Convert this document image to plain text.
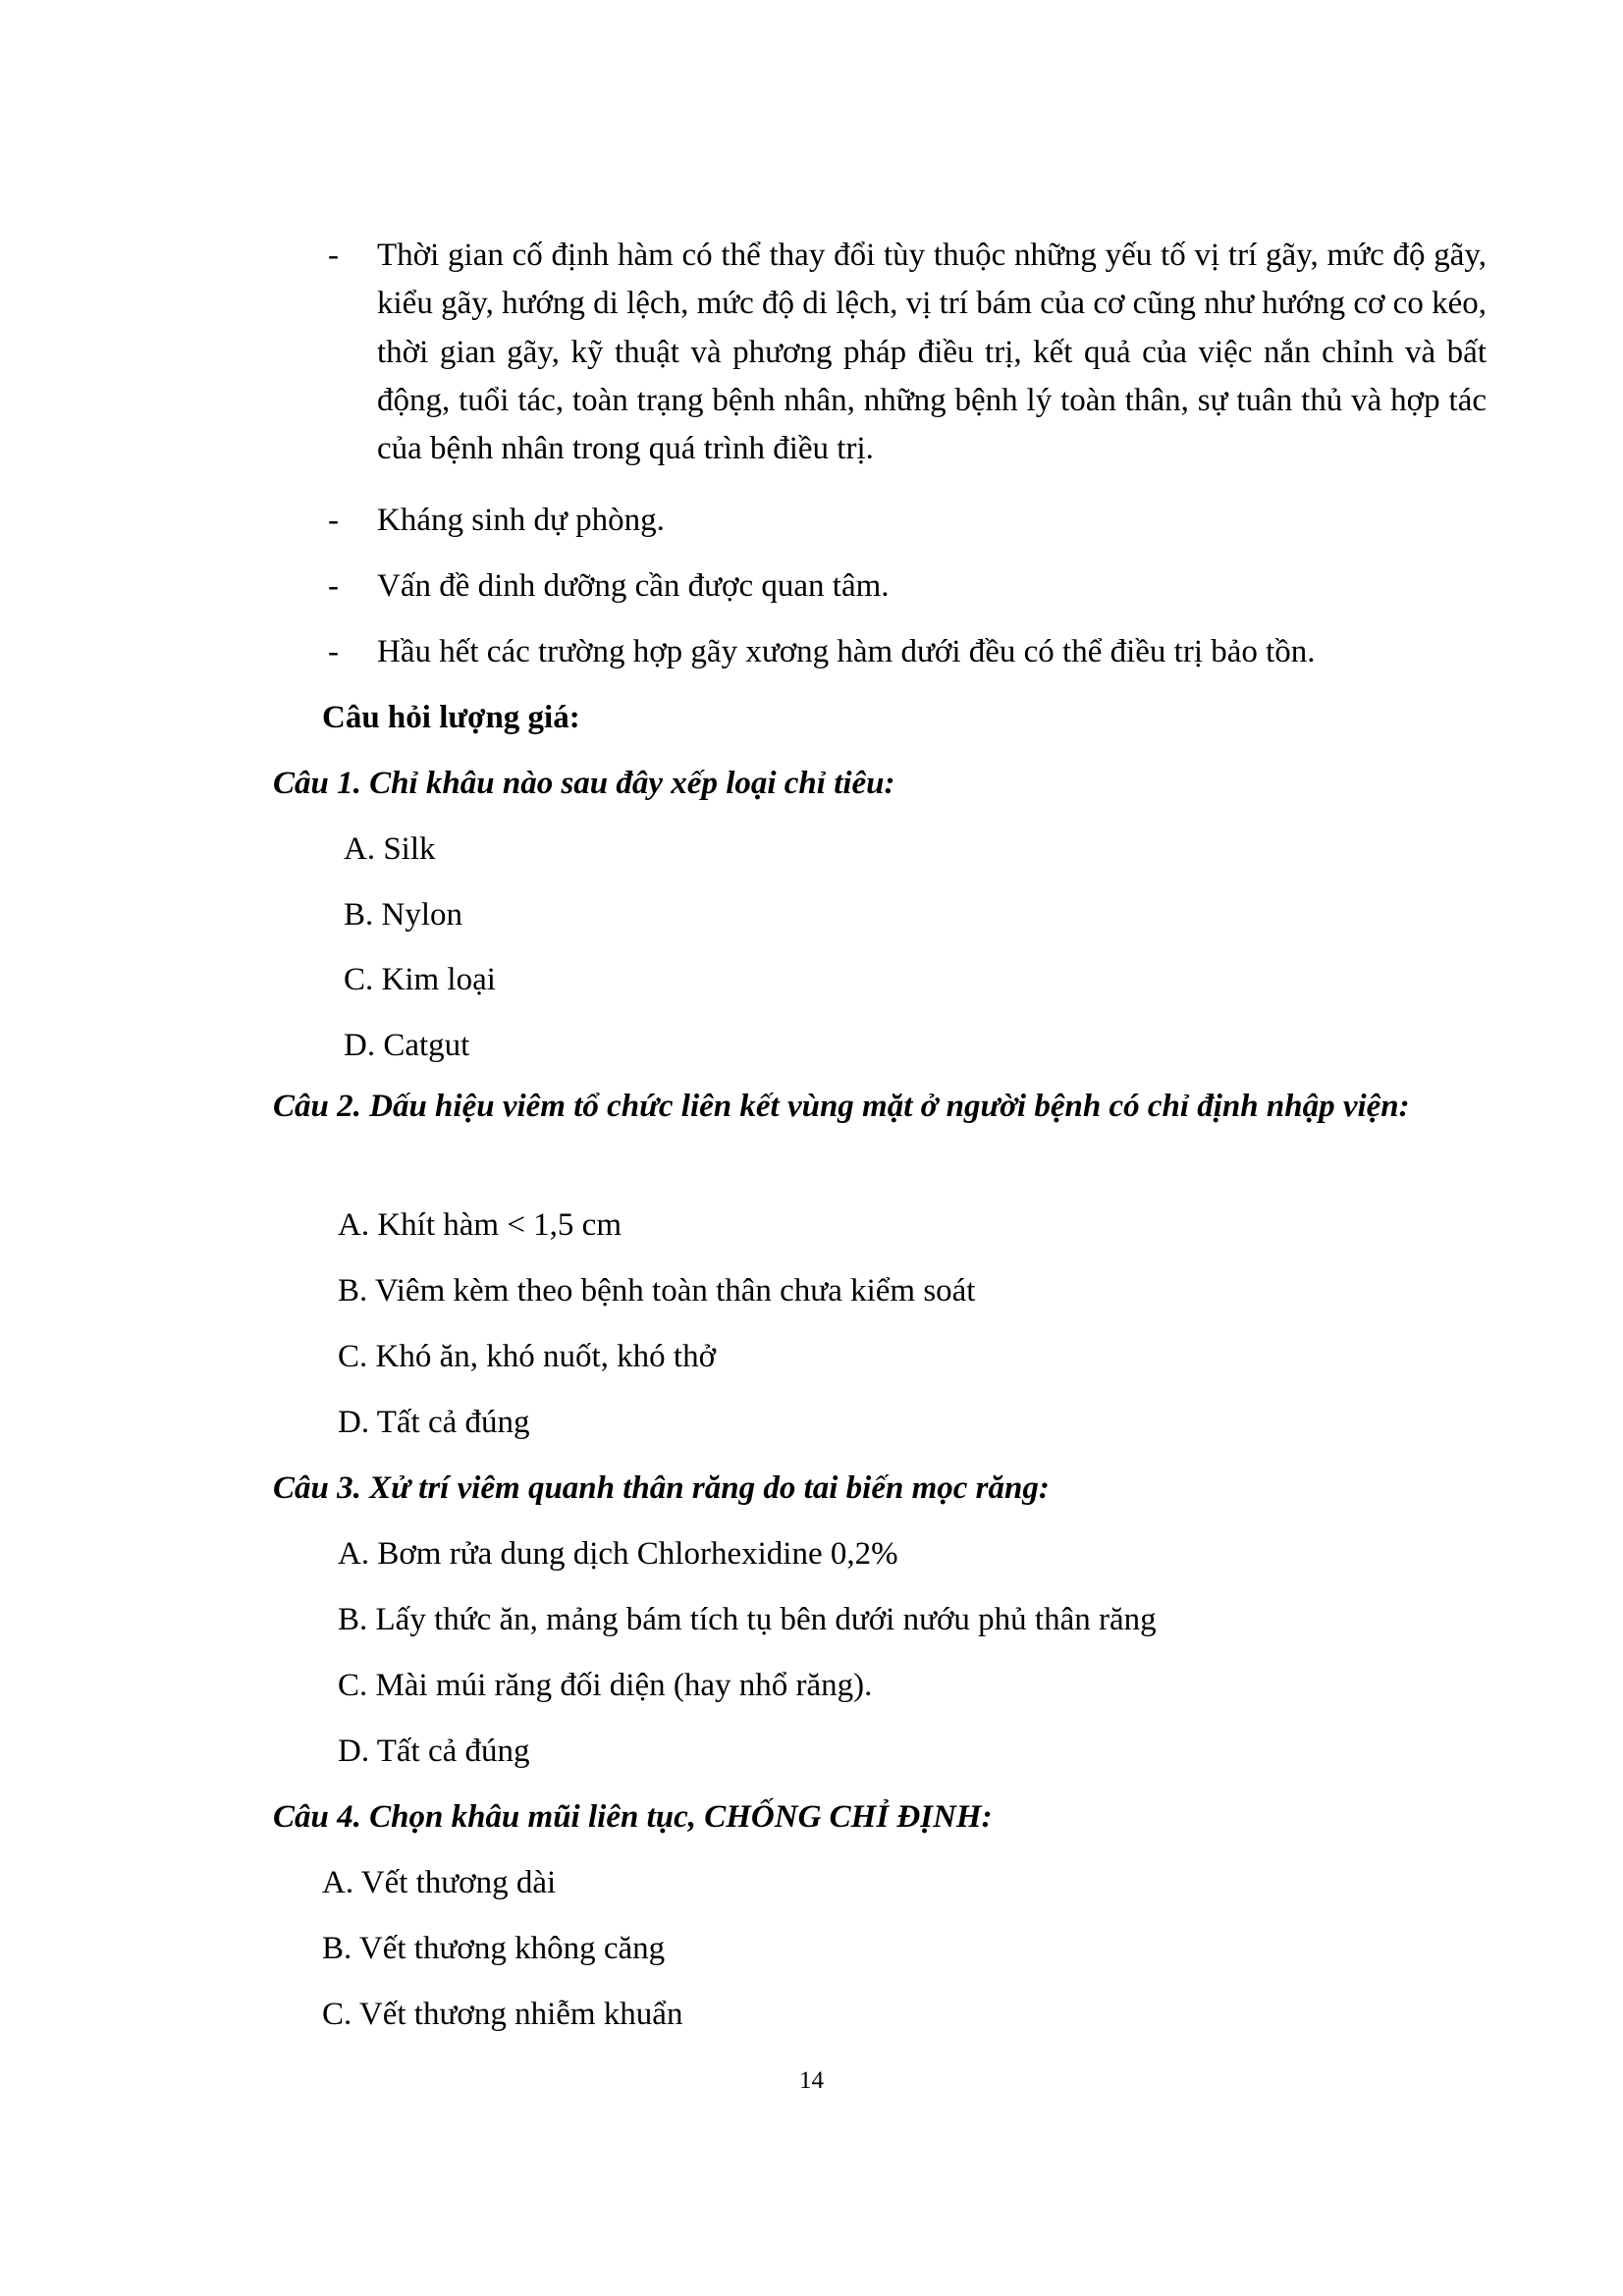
- Thời gian cố định hàm có thể thay đổi tùy thuộc những yếu tố vị trí gãy, mức độ gãy, kiểu gãy, hướng di lệch, mức độ di lệch, vị trí bám của cơ cũng như hướng cơ co kéo, thời gian gãy, kỹ thuật và phương pháp điều trị, kết quả của việc nắn chỉnh và bất động, tuổi tác, toàn trạng bệnh nhân, những bệnh lý toàn thân, sự tuân thủ và hợp tác của bệnh nhân trong quá trình điều trị.
- Kháng sinh dự phòng.
- Vấn đề dinh dưỡng cần được quan tâm.
- Hầu hết các trường hợp gãy xương hàm dưới đều có thể điều trị bảo tồn.
Câu hỏi lượng giá:
Câu 1. Chỉ khâu nào sau đây xếp loại chỉ tiêu:
A. Silk
B. Nylon
C. Kim loại
D. Catgut
Câu 2. Dấu hiệu viêm tổ chức liên kết vùng mặt ở người bệnh có chỉ định nhập viện:
A. Khít hàm < 1,5 cm
B. Viêm kèm theo bệnh toàn thân chưa kiểm soát
C. Khó ăn, khó nuốt, khó thở
D. Tất cả đúng
Câu 3. Xử trí viêm quanh thân răng do tai biến mọc răng:
A. Bơm rửa dung dịch Chlorhexidine 0,2%
B. Lấy thức ăn, mảng bám tích tụ bên dưới nướu phủ thân răng
C. Mài múi răng đối diện (hay nhổ răng).
D. Tất cả đúng
Câu 4. Chọn khâu mũi liên tục, CHỐNG CHỈ ĐỊNH:
A. Vết thương dài
B. Vết thương không căng
C. Vết thương nhiễm khuẩn
14
